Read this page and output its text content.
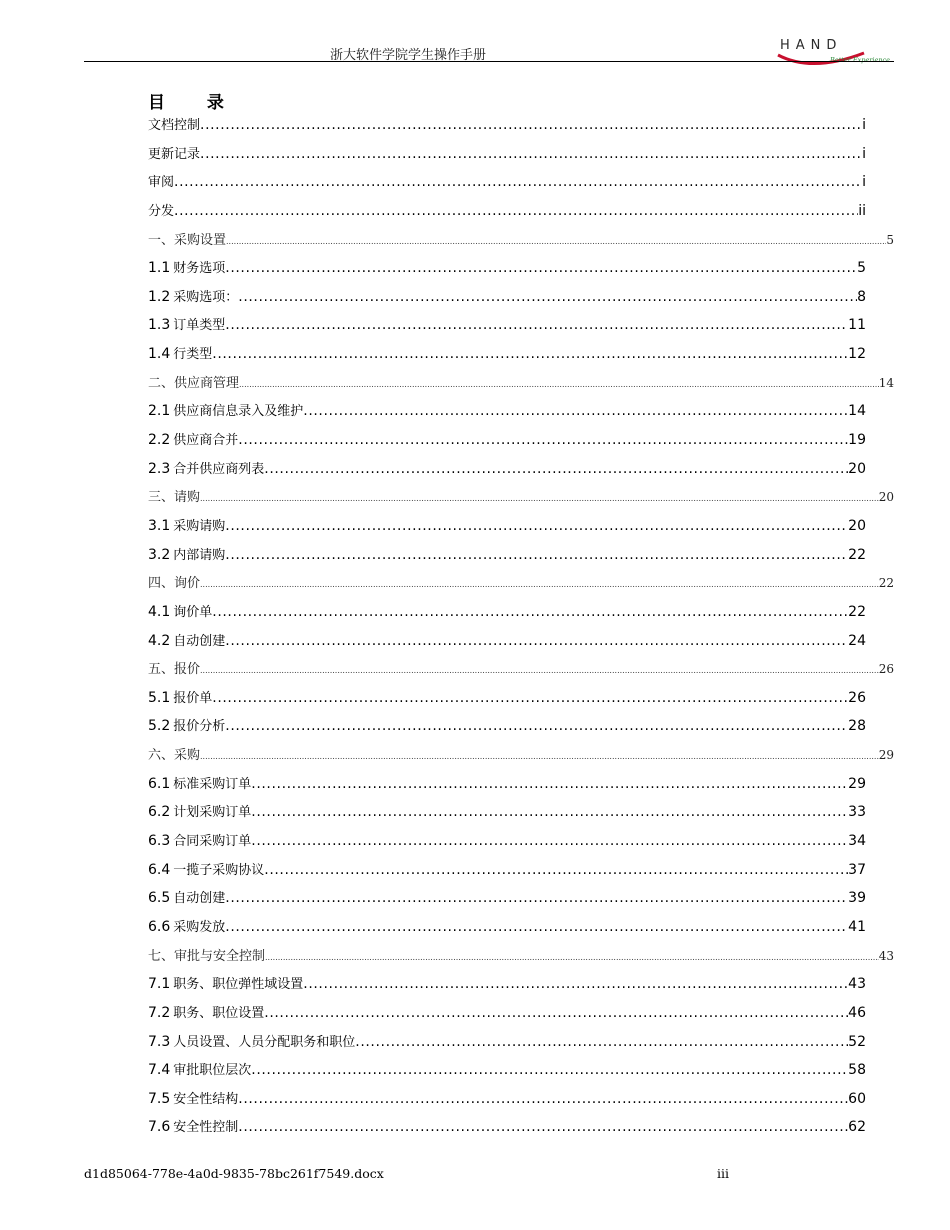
浙大软件学院学生操作手册
HAND
Better Experience
目 录
文档控制 .....	i
更新记录 .....	i
审阅 .....	i
分发 .....	ii
一、采购设置 .....	5
1.1 财务选项 .....	5
1.2 采购选项： .....	8
1.3 订单类型 .....	11
1.4 行类型 .....	12
二、供应商管理 .....	14
2.1 供应商信息录入及维护 .....	14
2.2 供应商合并 .....	19
2.3 合并供应商列表 .....	20
三、请购 .....	20
3.1 采购请购 .....	20
3.2 内部请购 .....	22
四、询价 .....	22
4.1 询价单 .....	22
4.2 自动创建 .....	24
五、报价 .....	26
5.1 报价单 .....	26
5.2 报价分析 .....	28
六、采购 .....	29
6.1 标准采购订单 .....	29
6.2 计划采购订单 .....	33
6.3 合同采购订单 .....	34
6.4 一揽子采购协议 .....	37
6.5 自动创建 .....	39
6.6 采购发放 .....	41
七、审批与安全控制 .....	43
7.1 职务、职位弹性域设置 .....	43
7.2 职务、职位设置 .....	46
7.3 人员设置、人员分配职务和职位 .....	52
7.4 审批职位层次 .....	58
7.5 安全性结构 .....	60
7.6 安全性控制 .....	62
d1d85064-778e-4a0d-9835-78bc261f7549.docx	iii
